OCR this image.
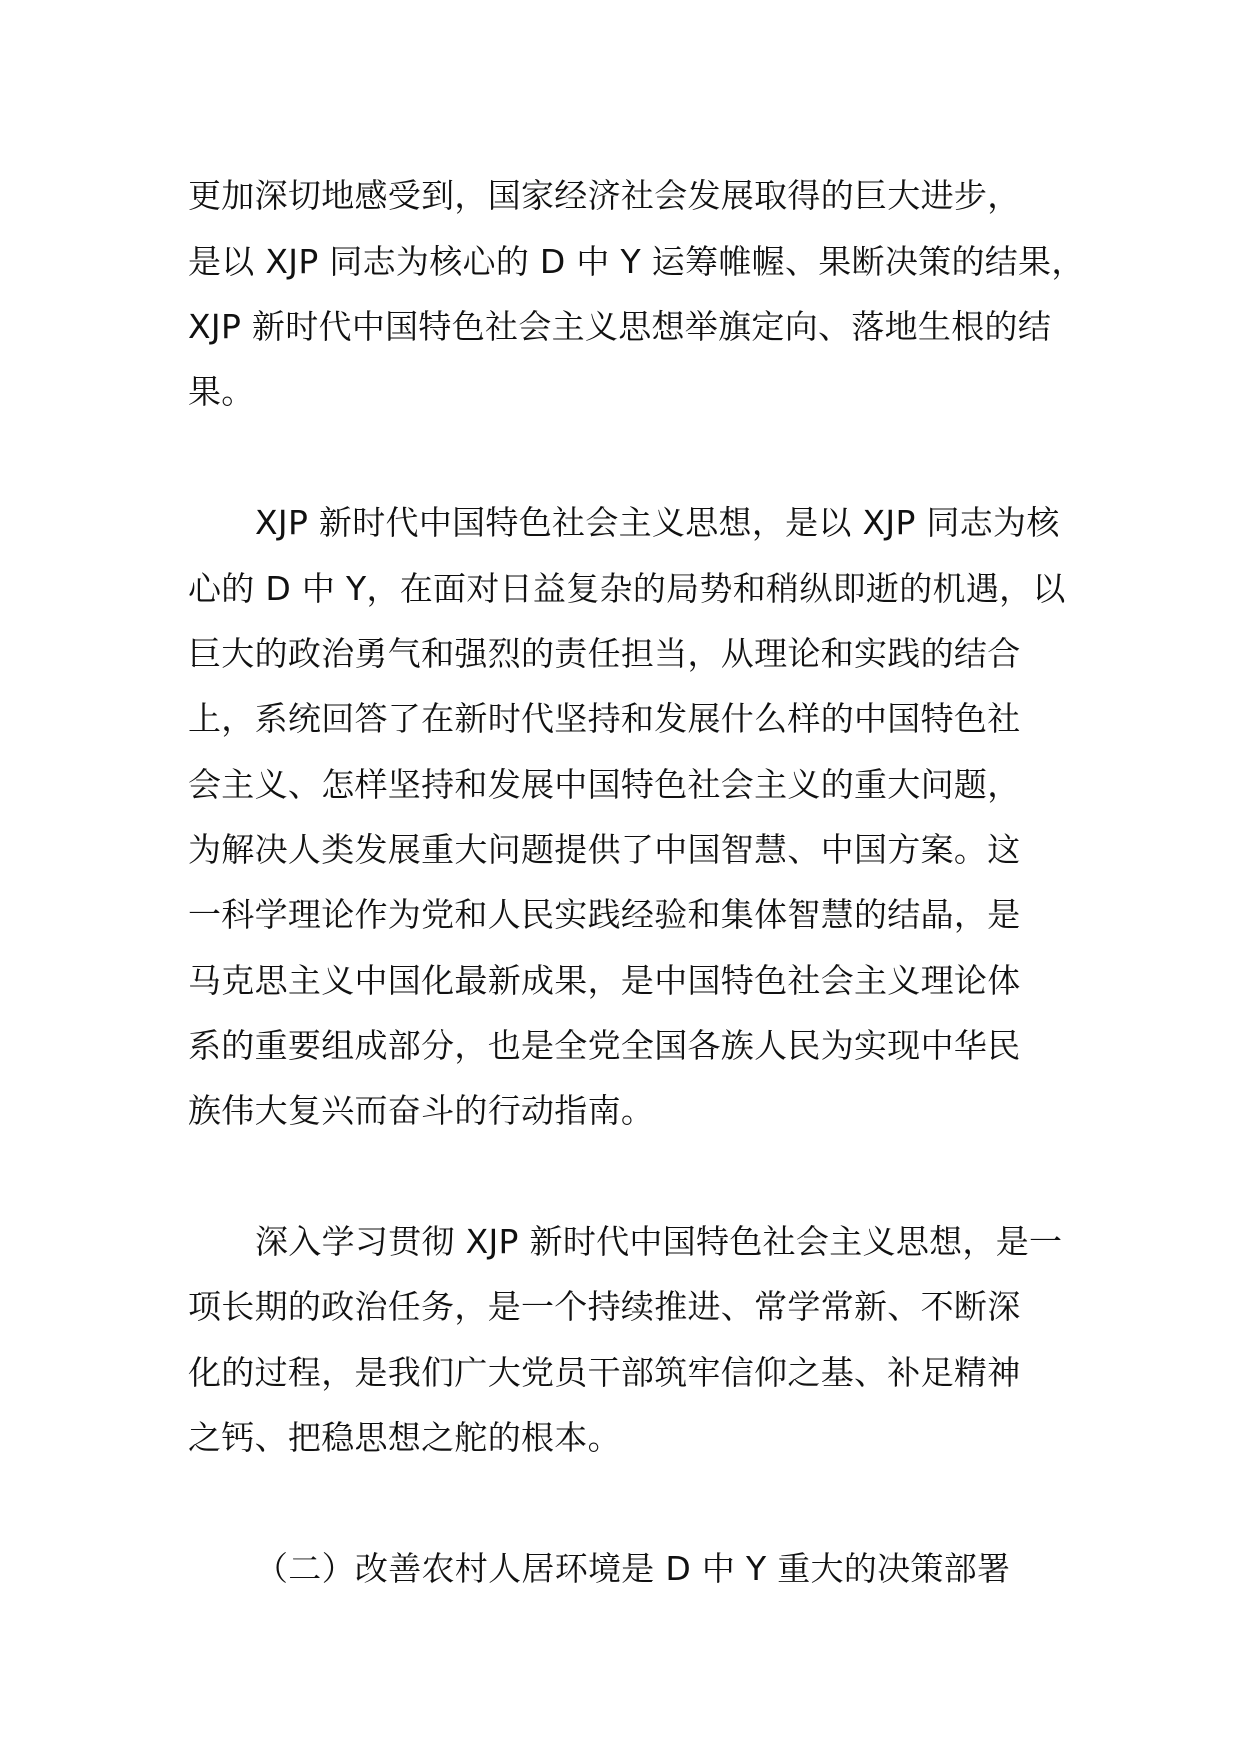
更加深切地感受到，国家经济社会发展取得的巨大进步，
是以 XJP 同志为核心的 D 中 Y 运筹帷幄、果断决策的结果，
XJP 新时代中国特色社会主义思想举旗定向、落地生根的结
果。
XJP 新时代中国特色社会主义思想，是以 XJP 同志为核
心的 D 中 Y，在面对日益复杂的局势和稍纵即逝的机遇，以
巨大的政治勇气和强烈的责任担当，从理论和实践的结合
上，系统回答了在新时代坚持和发展什么样的中国特色社
会主义、怎样坚持和发展中国特色社会主义的重大问题，
为解决人类发展重大问题提供了中国智慧、中国方案。这
一科学理论作为党和人民实践经验和集体智慧的结晶，是
马克思主义中国化最新成果，是中国特色社会主义理论体
系的重要组成部分，也是全党全国各族人民为实现中华民
族伟大复兴而奋斗的行动指南。
深入学习贯彻 XJP 新时代中国特色社会主义思想，是一
项长期的政治任务，是一个持续推进、常学常新、不断深
化的过程，是我们广大党员干部筑牢信仰之基、补足精神
之钙、把稳思想之舵的根本。
（二）改善农村人居环境是 D 中 Y 重大的决策部署
